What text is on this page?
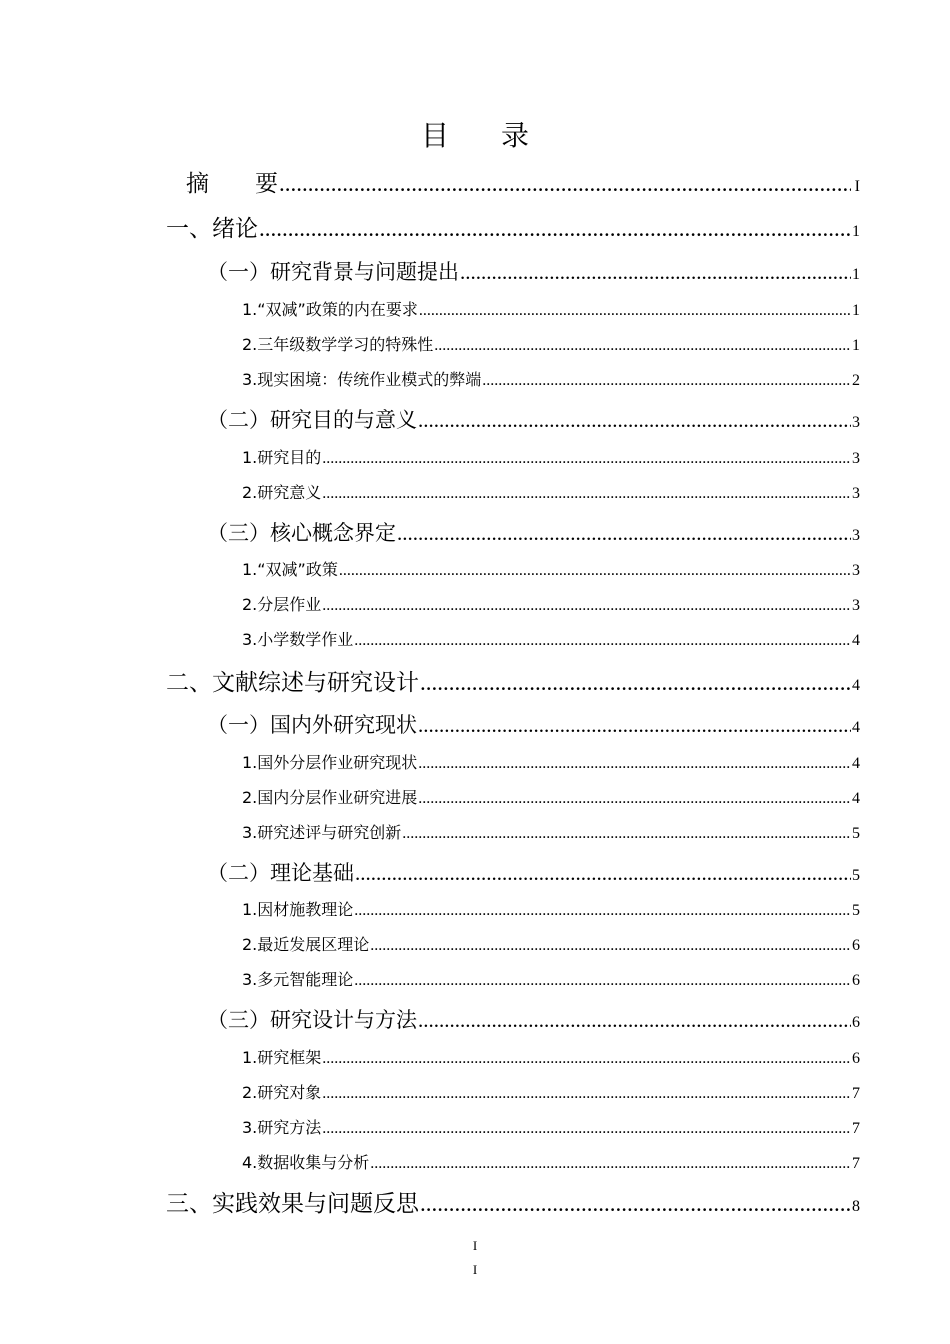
目 录
摘　　要 .....	I
一、绪论 .....	1
（一）研究背景与问题提出 .....	1
1.“双减”政策的内在要求 .....	1
2.三年级数学学习的特殊性 .....	1
3.现实困境：传统作业模式的弊端 .....	2
（二）研究目的与意义 .....	3
1.研究目的 .....	3
2.研究意义 .....	3
（三）核心概念界定 .....	3
1.“双减”政策 .....	3
2.分层作业 .....	3
3.小学数学作业 .....	4
二、文献综述与研究设计 .....	4
（一）国内外研究现状 .....	4
1.国外分层作业研究现状 .....	4
2.国内分层作业研究进展 .....	4
3.研究述评与研究创新 .....	5
（二）理论基础 .....	5
1.因材施教理论 .....	5
2.最近发展区理论 .....	6
3.多元智能理论 .....	6
（三）研究设计与方法 .....	6
1.研究框架 .....	6
2.研究对象 .....	7
3.研究方法 .....	7
4.数据收集与分析 .....	7
三、实践效果与问题反思 .....	8
I
I
